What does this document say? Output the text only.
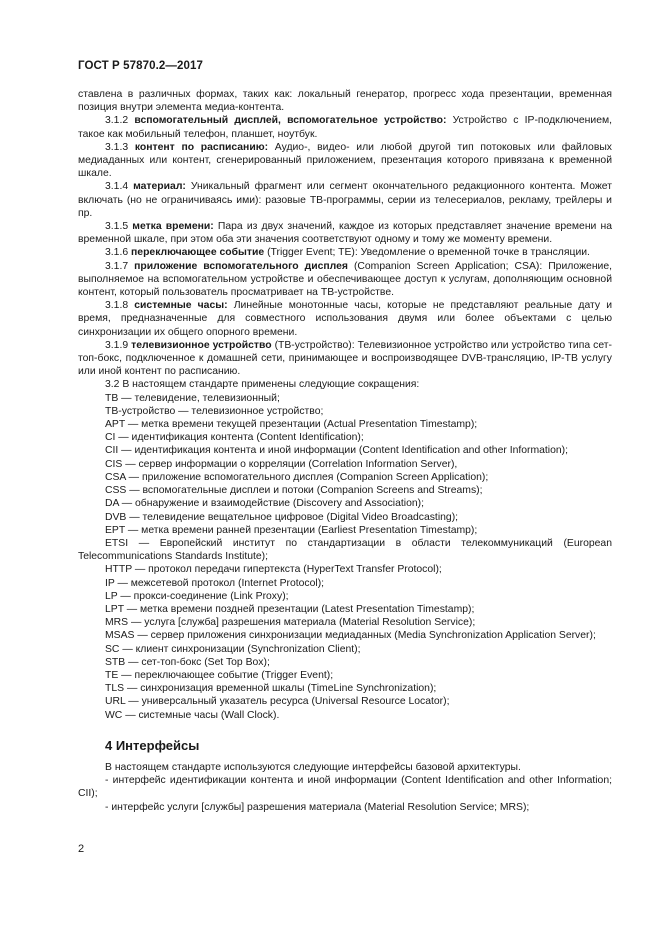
ГОСТ Р 57870.2—2017

ставлена в различных формах, таких как: локальный генератор, прогресс хода презентации, временная позиция внутри элемента медиа-контента.

3.1.2 вспомогательный дисплей, вспомогательное устройство: Устройство с IP-подключением, такое как мобильный телефон, планшет, ноутбук.

3.1.3 контент по расписанию: Аудио-, видео- или любой другой тип потоковых или файловых медиаданных или контент, сгенерированный приложением, презентация которого привязана к временной шкале.

3.1.4 материал: Уникальный фрагмент или сегмент окончательного редакционного контента. Может включать (но не ограничиваясь ими): разовые ТВ-программы, серии из телесериалов, рекламу, трейлеры и пр.

3.1.5 метка времени: Пара из двух значений, каждое из которых представляет значение времени на временной шкале, при этом оба эти значения соответствуют одному и тому же моменту времени.

3.1.6 переключающее событие (Trigger Event; TE): Уведомление о временной точке в трансляции.

3.1.7 приложение вспомогательного дисплея (Companion Screen Application; CSA): Приложение, выполняемое на вспомогательном устройстве и обеспечивающее доступ к услугам, дополняющим основной контент, который пользователь просматривает на ТВ-устройстве.

3.1.8 системные часы: Линейные монотонные часы, которые не представляют реальные дату и время, предназначенные для совместного использования двумя или более объектами с целью синхронизации их общего опорного времени.

3.1.9 телевизионное устройство (ТВ-устройство): Телевизионное устройство или устройство типа сет-топ-бокс, подключенное к домашней сети, принимающее и воспроизводящее DVB-трансляцию, IP-ТВ услугу или иной контент по расписанию.

3.2 В настоящем стандарте применены следующие сокращения:

ТВ — телевидение, телевизионный;

ТВ-устройство — телевизионное устройство;

APT — метка времени текущей презентации (Actual Presentation Timestamp);

CI — идентификация контента (Content Identification);

CII — идентификация контента и иной информации (Content Identification and other Information);

CIS — сервер информации о корреляции (Correlation Information Server),

CSA — приложение вспомогательного дисплея (Companion Screen Application);

CSS — вспомогательные дисплеи и потоки (Companion Screens and Streams);

DA — обнаружение и взаимодействие (Discovery and Association);

DVB — телевидение вещательное цифровое (Digital Video Broadcasting);

EPT — метка времени ранней презентации (Earliest Presentation Timestamp);

ETSI — Европейский институт по стандартизации в области телекоммуникаций (European Telecommunications Standards Institute);

HTTP — протокол передачи гипертекста (HyperText Transfer Protocol);

IP — межсетевой протокол (Internet Protocol);

LP — прокси-соединение (Link Proxy);

LPT — метка времени поздней презентации (Latest Presentation Timestamp);

MRS — услуга [служба] разрешения материала (Material Resolution Service);

MSAS — сервер приложения синхронизации медиаданных (Media Synchronization Application Server);

SC — клиент синхронизации (Synchronization Client);

STB — сет-топ-бокс (Set Top Box);

TE — переключающее событие (Trigger Event);

TLS — синхронизация временной шкалы (TimeLine Synchronization);

URL — универсальный указатель ресурса (Universal Resource Locator);

WC — системные часы (Wall Clock).

4 Интерфейсы

В настоящем стандарте используются следующие интерфейсы базовой архитектуры.

- интерфейс идентификации контента и иной информации (Content Identification and other Information; CII);

- интерфейс услуги [службы] разрешения материала (Material Resolution Service; MRS);

2
